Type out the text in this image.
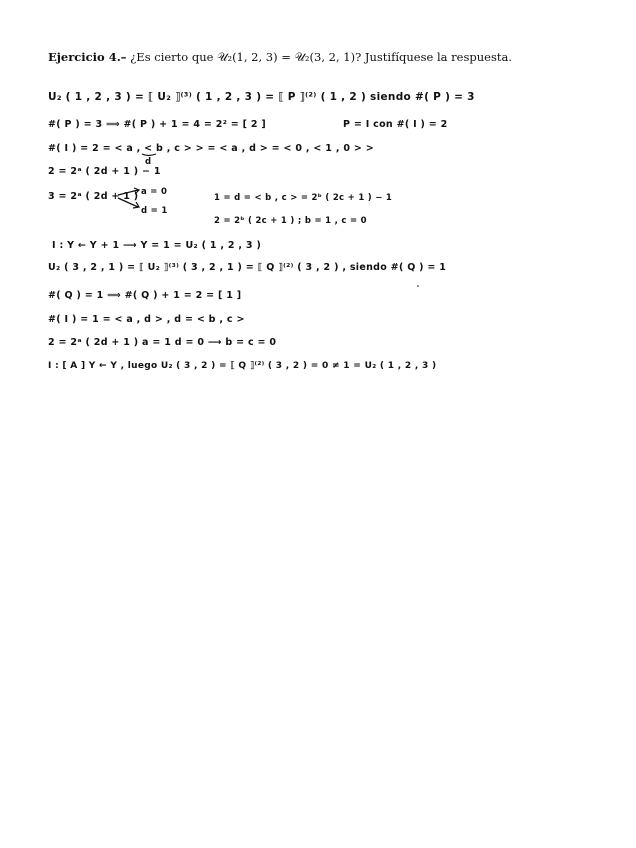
Ejercicio 4.– ¿Es cierto que 𝒰₂(1, 2, 3) = 𝒰₂(3, 2, 1)? Justifíquese la respuesta.
U₂ ( 1 , 2 , 3 ) = ⟦ U₂ ⟧⁽³⁾ ( 1 , 2 , 3 ) = ⟦ P ⟧⁽²⁾ ( 1 , 2 ) siendo #( P ) = 3
#( P ) = 3 ⟹ #( P ) + 1 = 4 = 2² = [ 2 ]	P = I con #( I ) = 2
#( I ) = 2 = < a , < b , c > > = < a , d > = < 0 , < 1 , 0 > >
d
2 = 2ᵃ ( 2d + 1 ) − 1
3 = 2ᵃ ( 2d + 1 ) a = 0
d = 1
1 = d = < b , c > = 2ᵇ ( 2c + 1 ) − 1
2 = 2ᵇ ( 2c + 1 ) ; b = 1 , c = 0
I : Y ← Y + 1 ⟶ Y = 1 = U₂ ( 1 , 2 , 3 )
U₂ ( 3 , 2 , 1 ) = ⟦ U₂ ⟧⁽³⁾ ( 3 , 2 , 1 ) = ⟦ Q ⟧⁽²⁾ ( 3 , 2 ) , siendo #( Q ) = 1
#( Q ) = 1 ⟹ #( Q ) + 1 = 2 = [ 1 ]
#( I ) = 1 = < a , d > , d = < b , c >
2 = 2ᵃ ( 2d + 1 ) a = 1 d = 0 ⟶ b = c = 0
I : [ A ] Y ← Y , luego U₂ ( 3 , 2 ) = ⟦ Q ⟧⁽²⁾ ( 3 , 2 ) = 0 ≠ 1 = U₂ ( 1 , 2 , 3 )
